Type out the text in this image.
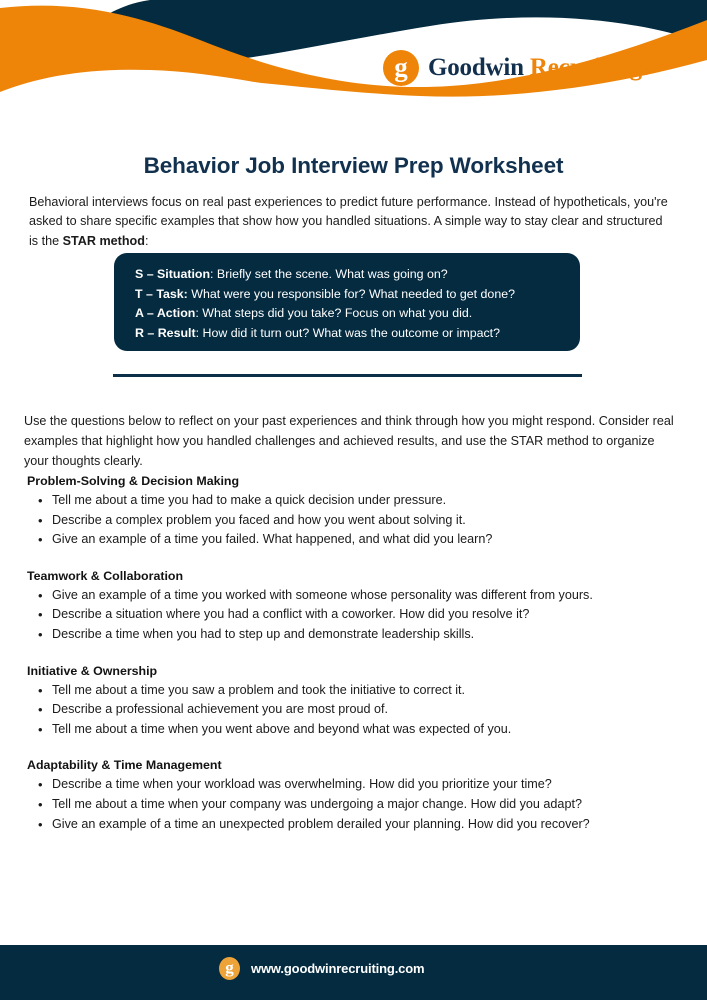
g Goodwin Recruiting®
Behavior Job Interview Prep Worksheet

Behavioral interviews focus on real past experiences to predict future performance. Instead of hypotheticals, you're asked to share specific examples that show how you handled situations. A simple way to stay clear and structured is the STAR method:

S – Situation: Briefly set the scene. What was going on?
T – Task: What were you responsible for? What needed to get done?
A – Action: What steps did you take? Focus on what you did.
R – Result: How did it turn out? What was the outcome or impact?

Use the questions below to reflect on your past experiences and think through how you might respond. Consider real examples that highlight how you handled challenges and achieved results, and use the STAR method to organize your thoughts clearly.

Problem-Solving & Decision Making
• Tell me about a time you had to make a quick decision under pressure.
• Describe a complex problem you faced and how you went about solving it.
• Give an example of a time you failed. What happened, and what did you learn?
Teamwork & Collaboration
• Give an example of a time you worked with someone whose personality was different from yours.
• Describe a situation where you had a conflict with a coworker. How did you resolve it?
• Describe a time when you had to step up and demonstrate leadership skills.
Initiative & Ownership
• Tell me about a time you saw a problem and took the initiative to correct it.
• Describe a professional achievement you are most proud of.
• Tell me about a time when you went above and beyond what was expected of you.
Adaptability & Time Management
• Describe a time when your workload was overwhelming. How did you prioritize your time?
• Tell me about a time when your company was undergoing a major change. How did you adapt?
• Give an example of a time an unexpected problem derailed your planning. How did you recover?
g	www.goodwinrecruiting.com
